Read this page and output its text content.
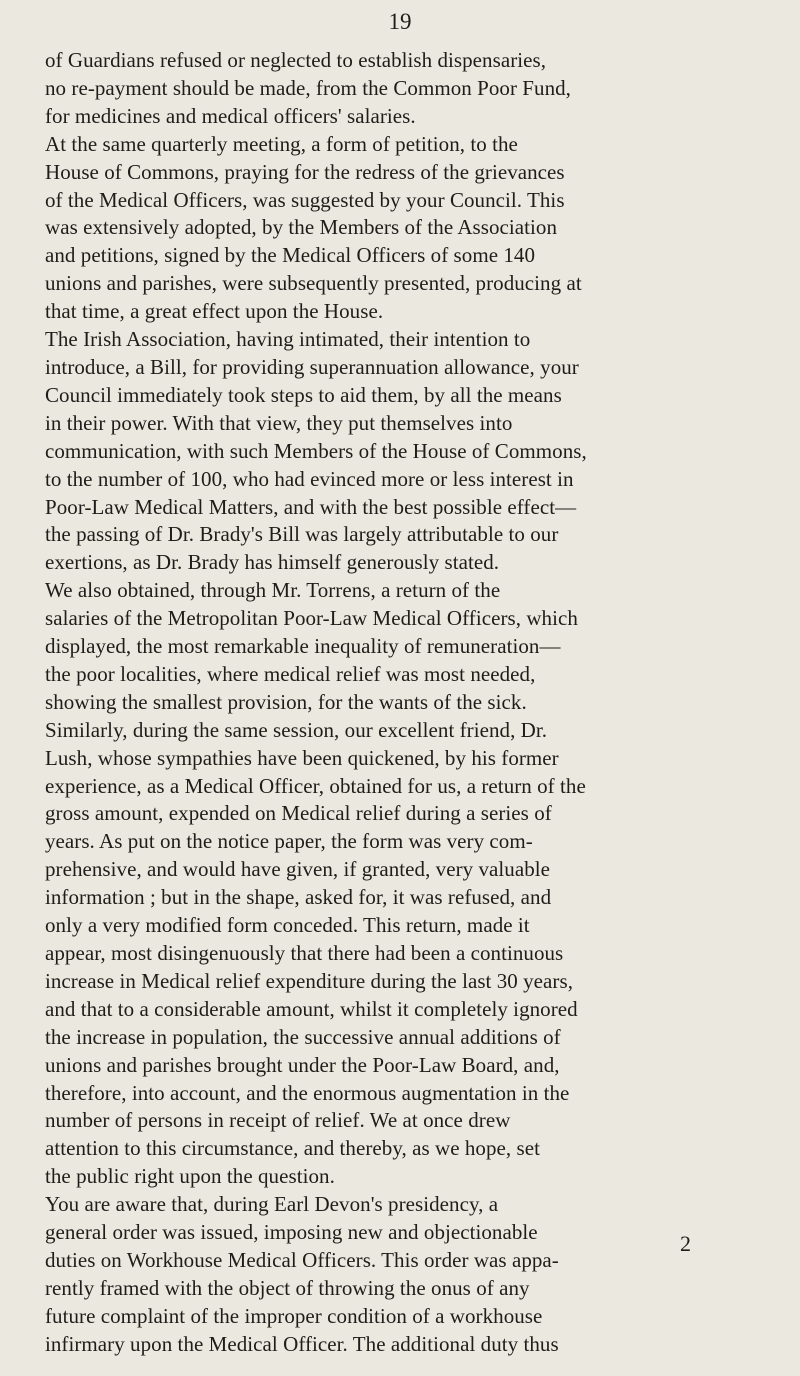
19
of Guardians refused or neglected to establish dispensaries,
no re-payment should be made, from the Common Poor Fund,
for medicines and medical officers' salaries.
At the same quarterly meeting, a form of petition, to the
House of Commons, praying for the redress of the grievances
of the Medical Officers, was suggested by your Council. This
was extensively adopted, by the Members of the Association
and petitions, signed by the Medical Officers of some 140
unions and parishes, were subsequently presented, producing at
that time, a great effect upon the House.
The Irish Association, having intimated, their intention to
introduce, a Bill, for providing superannuation allowance, your
Council immediately took steps to aid them, by all the means
in their power. With that view, they put themselves into
communication, with such Members of the House of Commons,
to the number of 100, who had evinced more or less interest in
Poor-Law Medical Matters, and with the best possible effect—
the passing of Dr. Brady's Bill was largely attributable to our
exertions, as Dr. Brady has himself generously stated.
We also obtained, through Mr. Torrens, a return of the
salaries of the Metropolitan Poor-Law Medical Officers, which
displayed, the most remarkable inequality of remuneration—
the poor localities, where medical relief was most needed,
showing the smallest provision, for the wants of the sick.
Similarly, during the same session, our excellent friend, Dr.
Lush, whose sympathies have been quickened, by his former
experience, as a Medical Officer, obtained for us, a return of the
gross amount, expended on Medical relief during a series of
years. As put on the notice paper, the form was very com-
prehensive, and would have given, if granted, very valuable
information ; but in the shape, asked for, it was refused, and
only a very modified form conceded. This return, made it
appear, most disingenuously that there had been a continuous
increase in Medical relief expenditure during the last 30 years,
and that to a considerable amount, whilst it completely ignored
the increase in population, the successive annual additions of
unions and parishes brought under the Poor-Law Board, and,
therefore, into account, and the enormous augmentation in the
number of persons in receipt of relief. We at once drew
attention to this circumstance, and thereby, as we hope, set
the public right upon the question.
You are aware that, during Earl Devon's presidency, a
general order was issued, imposing new and objectionable
duties on Workhouse Medical Officers. This order was appa-
rently framed with the object of throwing the onus of any
future complaint of the improper condition of a workhouse
infirmary upon the Medical Officer. The additional duty thus
2
